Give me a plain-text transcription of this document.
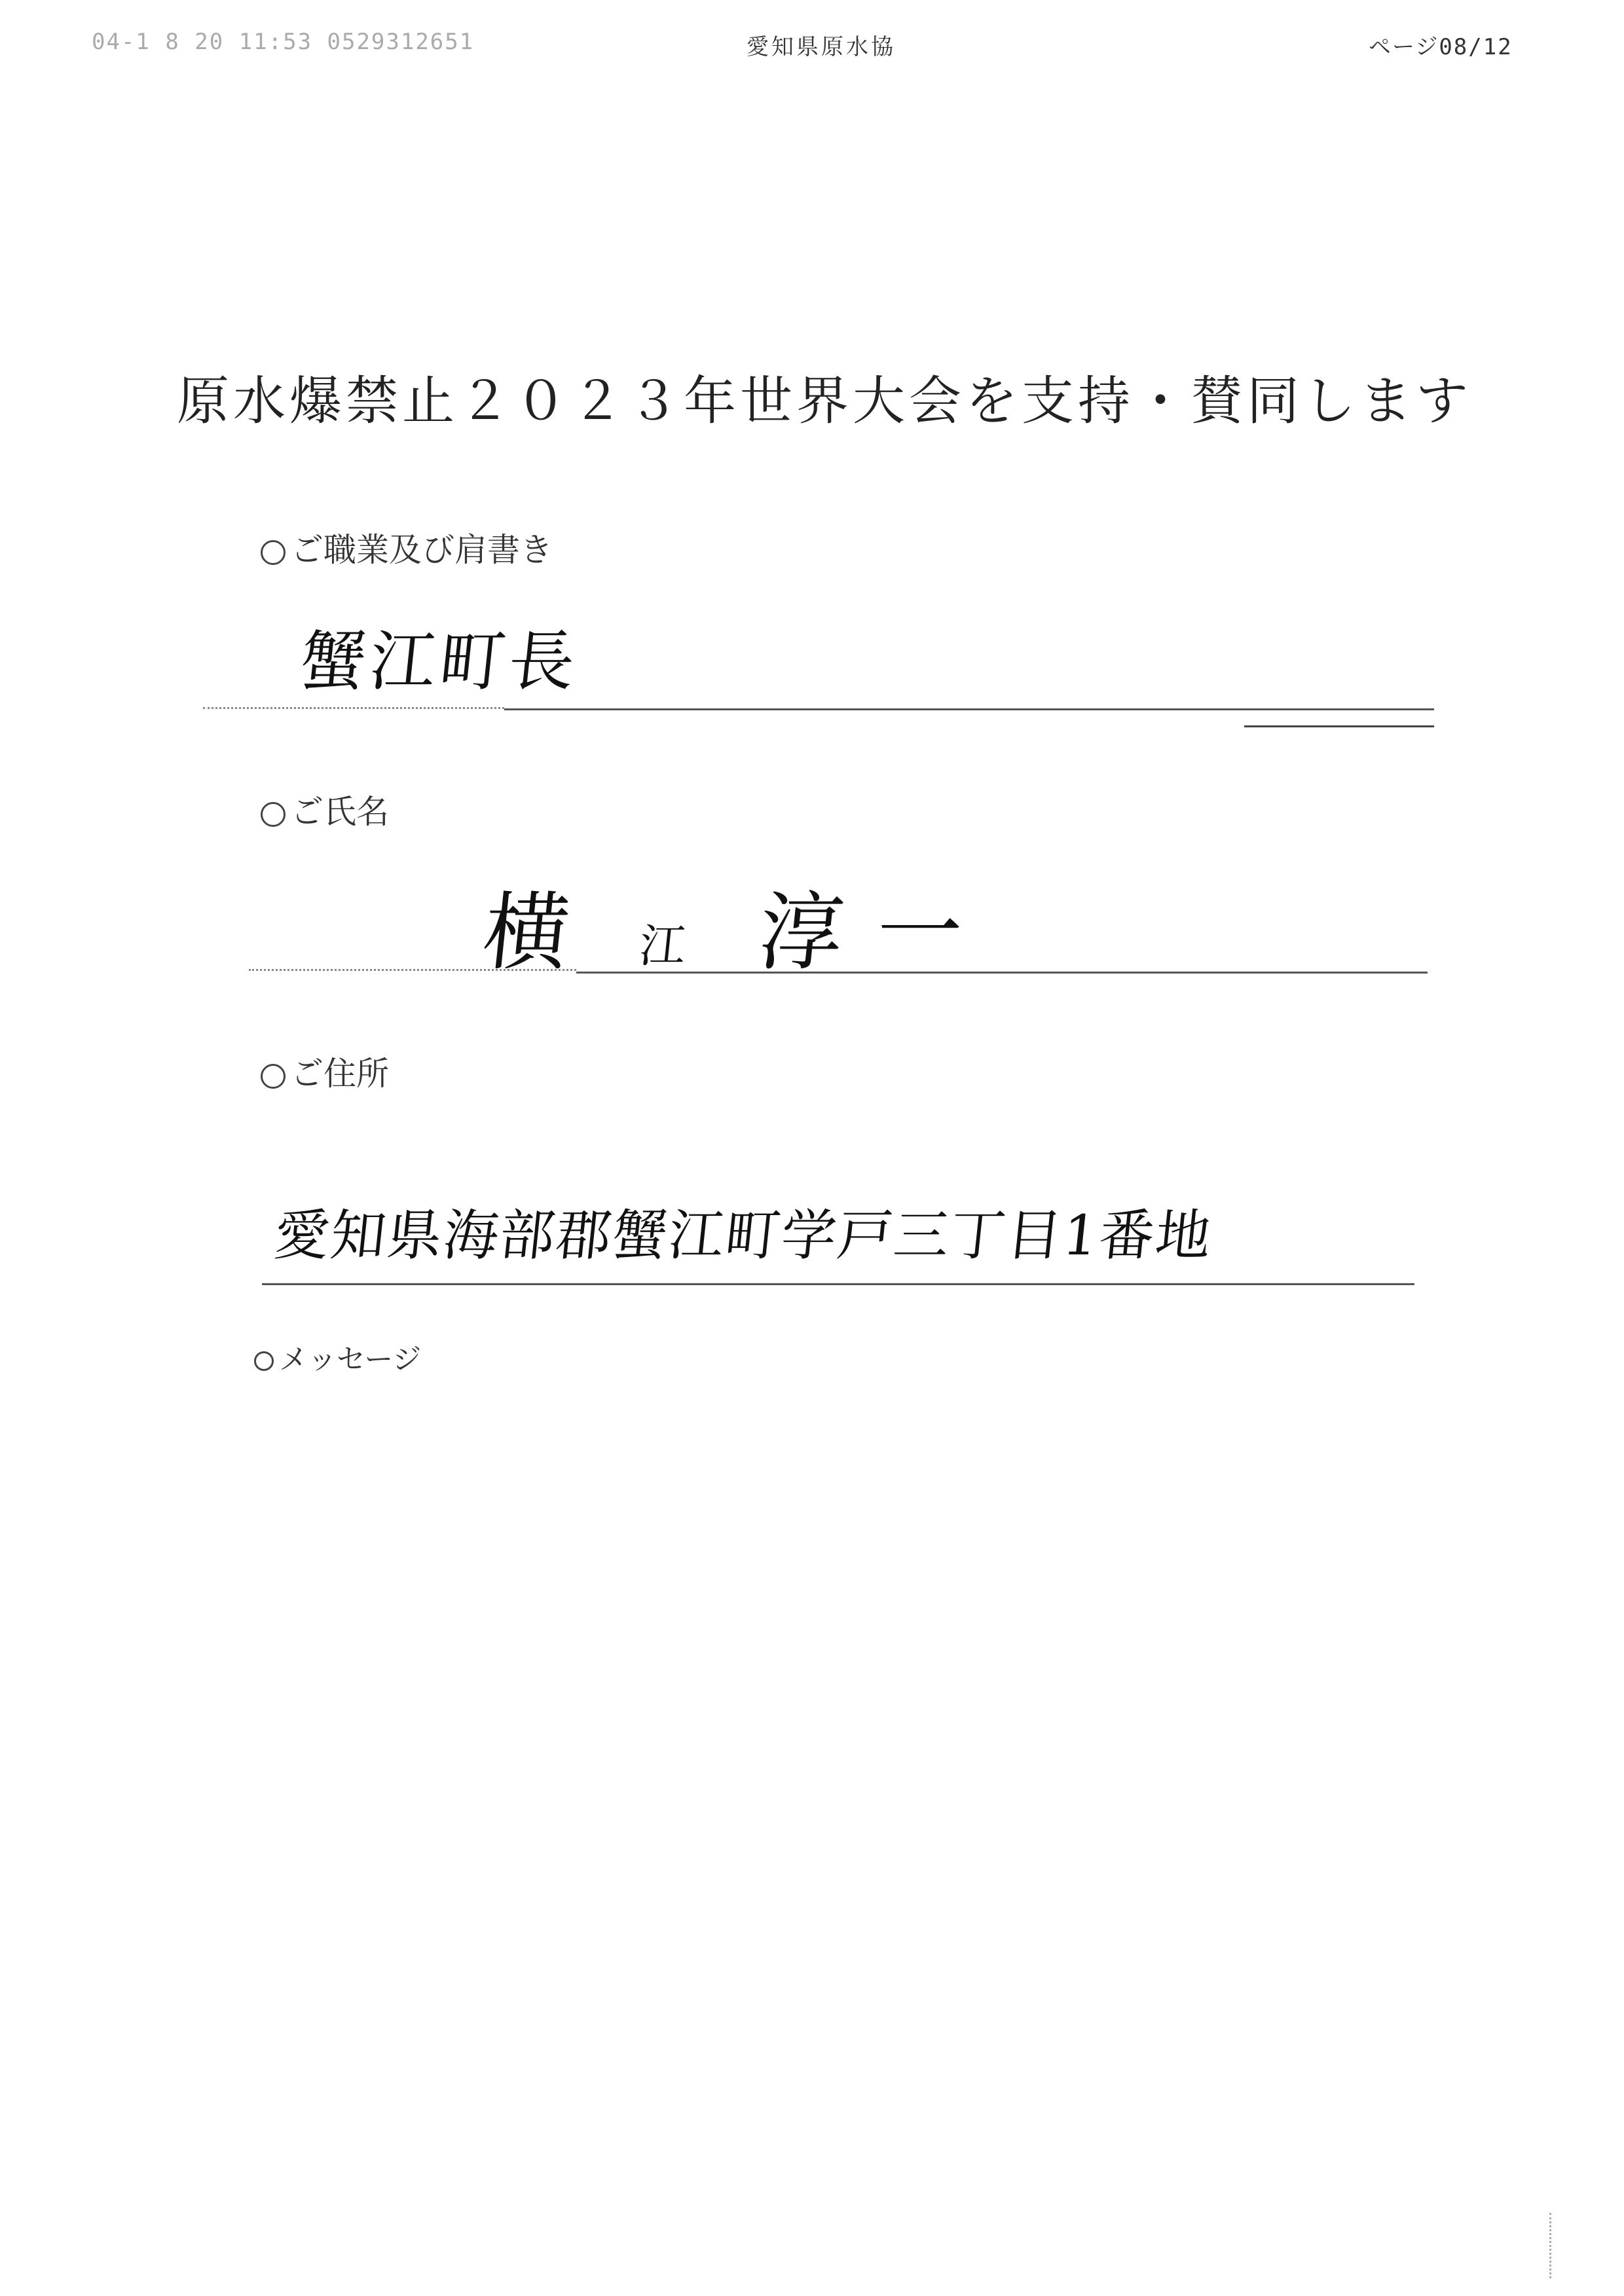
04-1 8 20 11:53 0529312651	愛知県原水協	ページ08/12
原水爆禁止２０２３年世界大会を支持・賛同します
ご職業及び肩書き
蟹江町長
ご氏名
横 江 淳 一
ご住所
愛知県海部郡蟹江町学戸三丁目1番地
メッセージ
